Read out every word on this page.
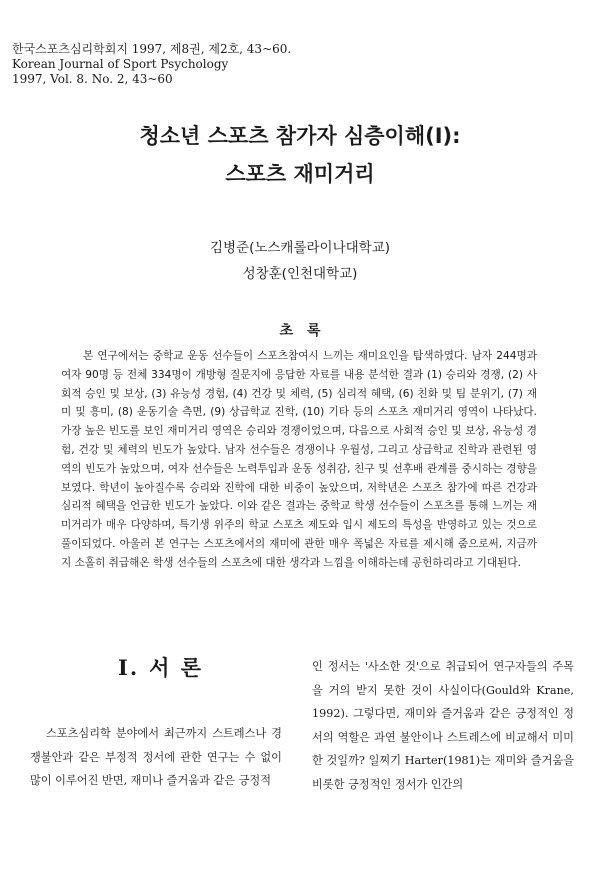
한국스포츠심리학회지 1997, 제8권, 제2호, 43~60.
Korean Journal of Sport Psychology
1997, Vol. 8. No. 2, 43~60
청소년 스포츠 참가자 심층이해(I):
스포츠 재미거리
김병준(노스캐롤라이나대학교)
성창훈(인천대학교)
초록

본 연구에서는 중학교 운동 선수들이 스포츠참여시 느끼는 재미요인을 탐색하였다. 남자 244명과 여자 90명 등 전체 334명이 개방형 질문지에 응답한 자료를 내용 분석한 결과 (1) 승리와 경쟁, (2) 사회적 승인 및 보상, (3) 유능성 경험, (4) 건강 및 체력, (5) 심리적 혜택, (6) 친화 및 팀 분위기, (7) 재미 및 흥미, (8) 운동기술 측면, (9) 상급학교 진학, (10) 기타 등의 스포츠 재미거리 영역이 나타났다. 가장 높은 빈도를 보인 재미거리 영역은 승리와 경쟁이었으며, 다음으로 사회적 승인 및 보상, 유능성 경험, 건강 및 체력의 빈도가 높았다. 남자 선수들은 경쟁이나 우월성, 그리고 상급학교 진학과 관련된 영역의 빈도가 높았으며, 여자 선수들은 노력투입과 운동 성취감, 친구 및 선후배 관계를 중시하는 경향을 보였다. 학년이 높아질수록 승리와 진학에 대한 비중이 높았으며, 저학년은 스포츠 참가에 따른 건강과 심리적 혜택을 언급한 빈도가 높았다. 이와 같은 결과는 중학교 학생 선수들이 스포츠를 통해 느끼는 재미거리가 매우 다양하며, 특기생 위주의 학교 스포츠 제도와 입시 제도의 특성을 반영하고 있는 것으로 풀이되었다. 아울러 본 연구는 스포츠에서의 재미에 관한 매우 폭넓은 자료를 제시해 줌으로써, 지금까지 소홀히 취급해온 학생 선수들의 스포츠에 대한 생각과 느낌을 이해하는데 공헌하리라고 기대된다.

I. 서 론

스포츠심리학 분야에서 최근까지 스트레스나 경쟁불안과 같은 부정적 정서에 관한 연구는 수 없이 많이 이루어진 반면, 재미나 즐거움과 같은 긍정적

인 정서는 '사소한 것'으로 취급되어 연구자들의 주목을 거의 받지 못한 것이 사실이다(Gould와 Krane, 1992). 그렇다면, 재미와 즐거움과 같은 긍정적인 정서의 역할은 과연 불안이나 스트레스에 비교해서 미미한 것일까? 일찌기 Harter(1981)는 재미와 즐거움을 비롯한 긍정적인 정서가 인간의
